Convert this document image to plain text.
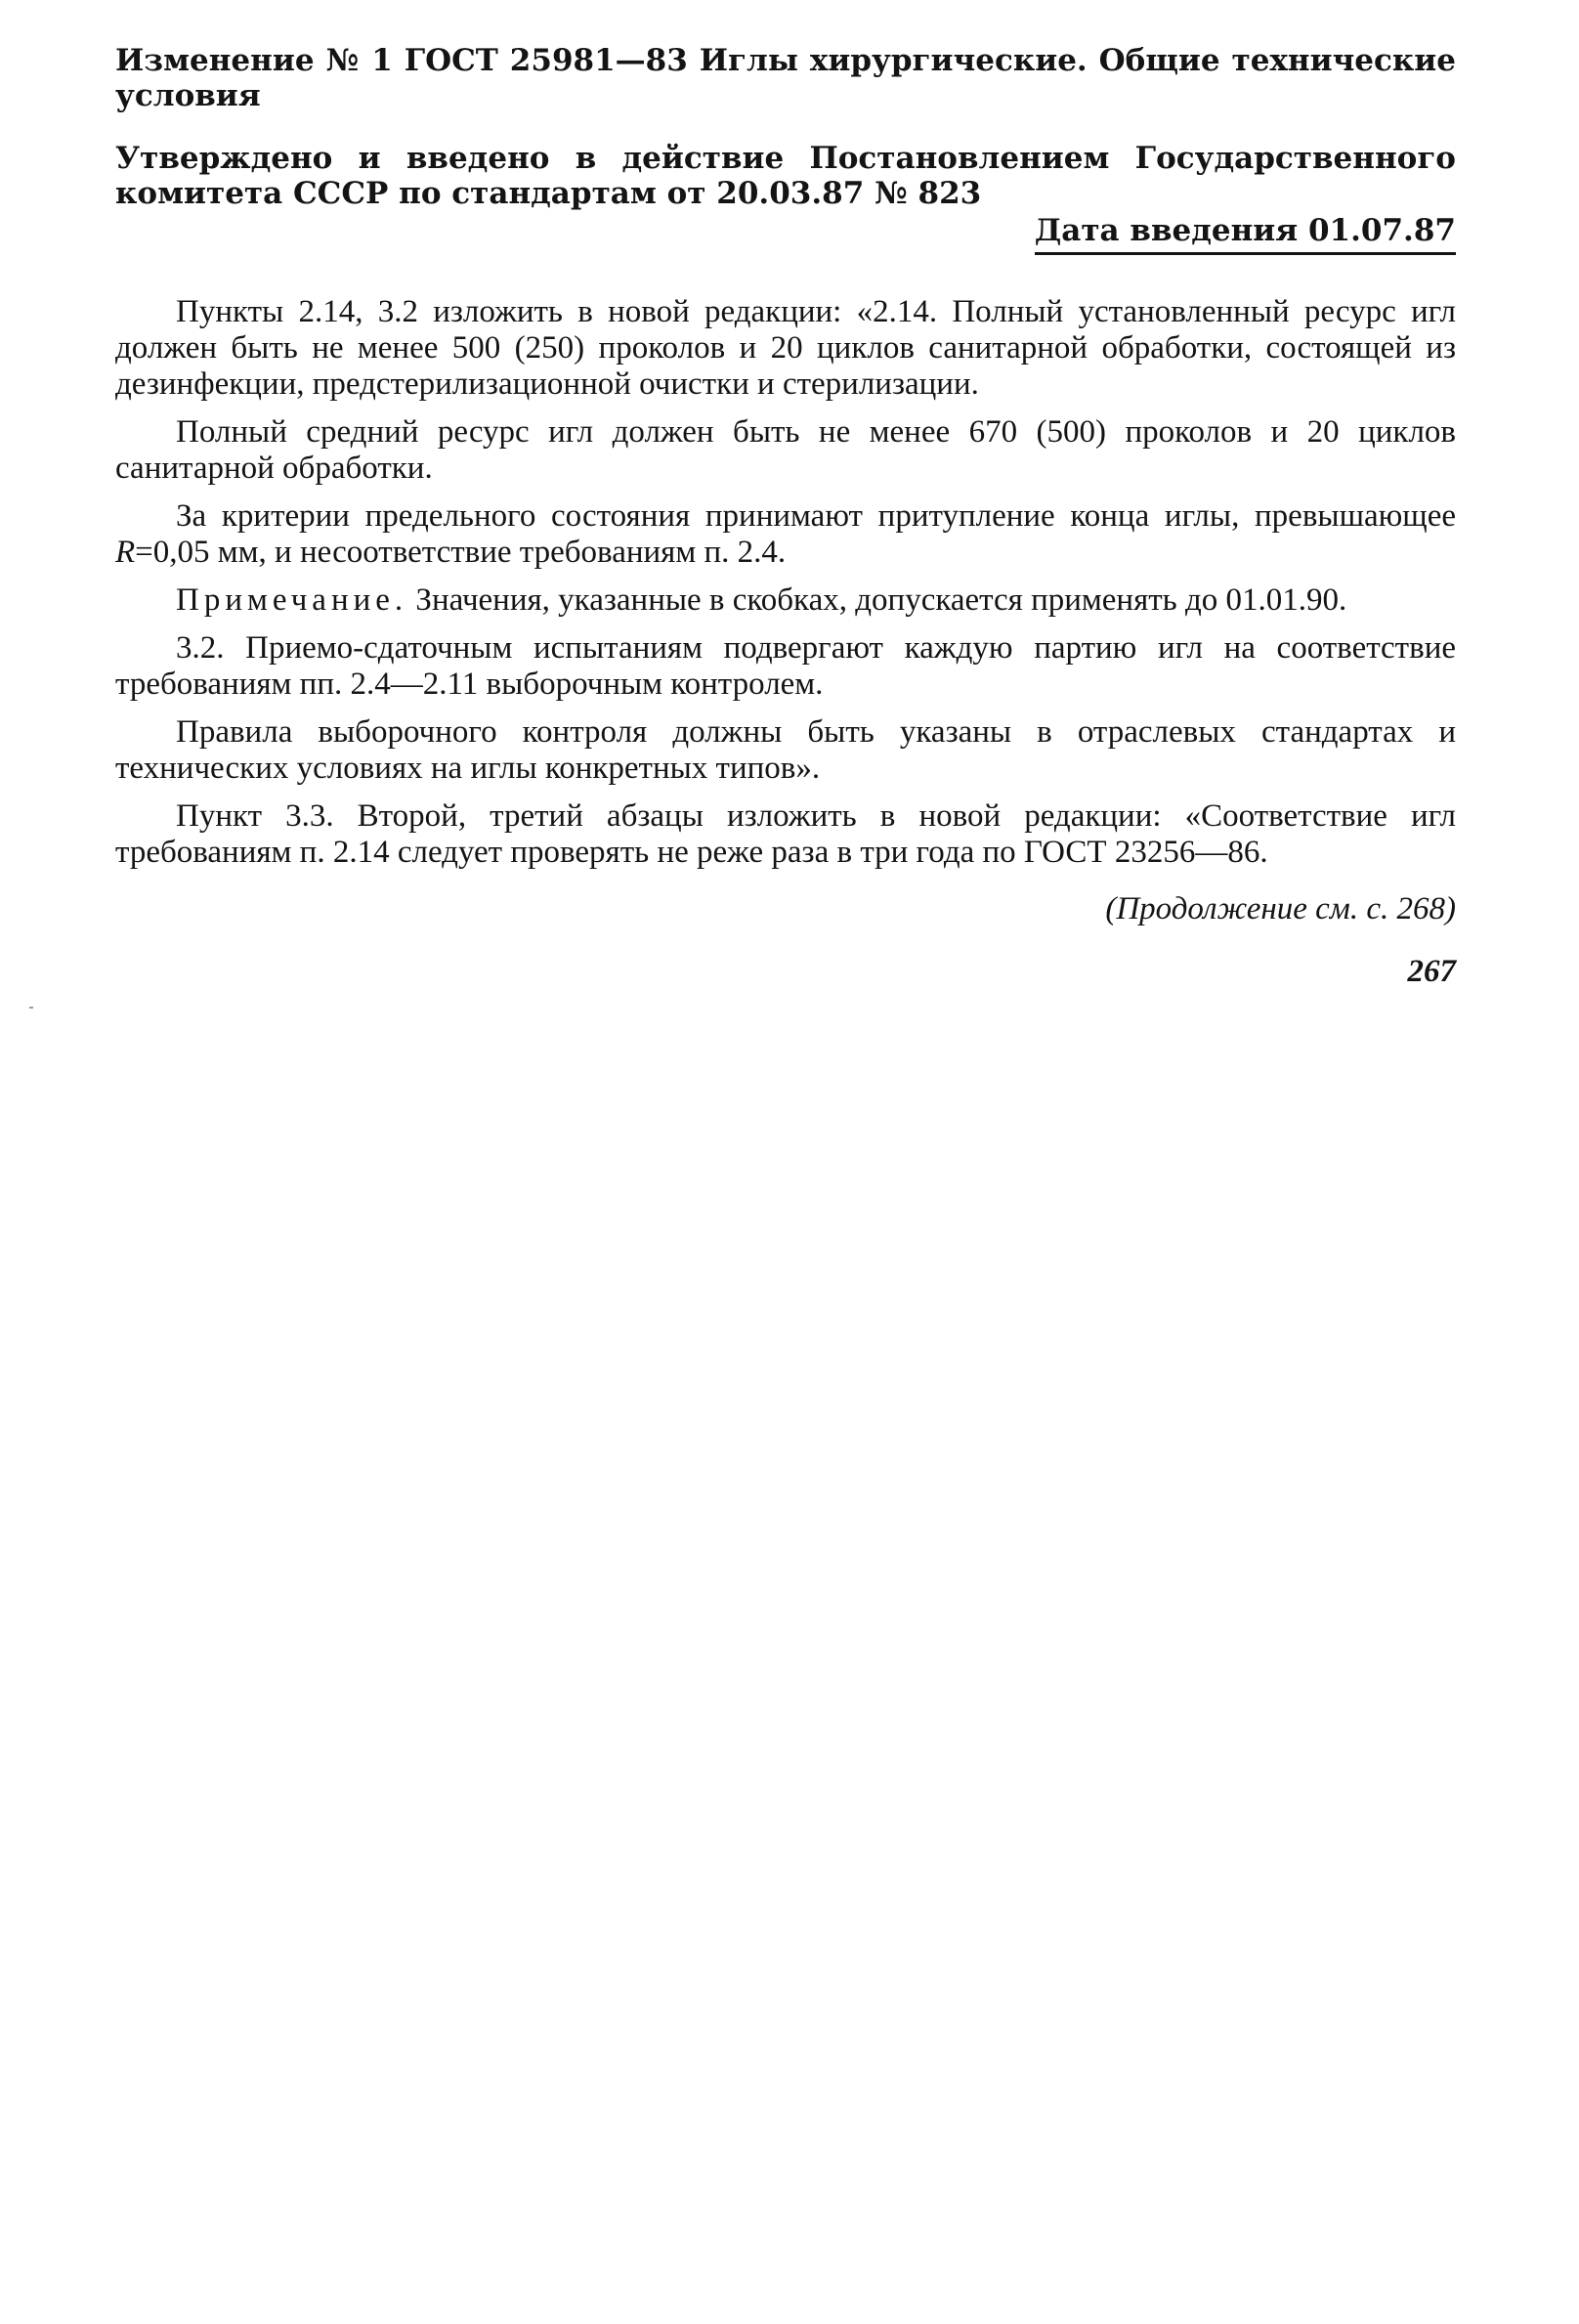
Изменение № 1 ГОСТ 25981—83 Иглы хирургические. Общие технические условия

Утверждено и введено в действие Постановлением Государственного комитета СССР по стандартам от 20.03.87 № 823

Дата введения 01.07.87

Пункты 2.14, 3.2 изложить в новой редакции: «2.14. Полный установленный ресурс игл должен быть не менее 500 (250) проколов и 20 циклов санитарной обработки, состоящей из дезинфекции, предстерилизационной очистки и стерилизации.

Полный средний ресурс игл должен быть не менее 670 (500) проколов и 20 циклов санитарной обработки.

За критерии предельного состояния принимают притупление конца иглы, превышающее R=0,05 мм, и несоответствие требованиям п. 2.4.

Примечание. Значения, указанные в скобках, допускается применять до 01.01.90.

3.2. Приемо-сдаточным испытаниям подвергают каждую партию игл на соответствие требованиям пп. 2.4—2.11 выборочным контролем.

Правила выборочного контроля должны быть указаны в отраслевых стандартах и технических условиях на иглы конкретных типов».

Пункт 3.3. Второй, третий абзацы изложить в новой редакции: «Соответствие игл требованиям п. 2.14 следует проверять не реже раза в три года по ГОСТ 23256—86.

(Продолжение см. с. 268)
267
